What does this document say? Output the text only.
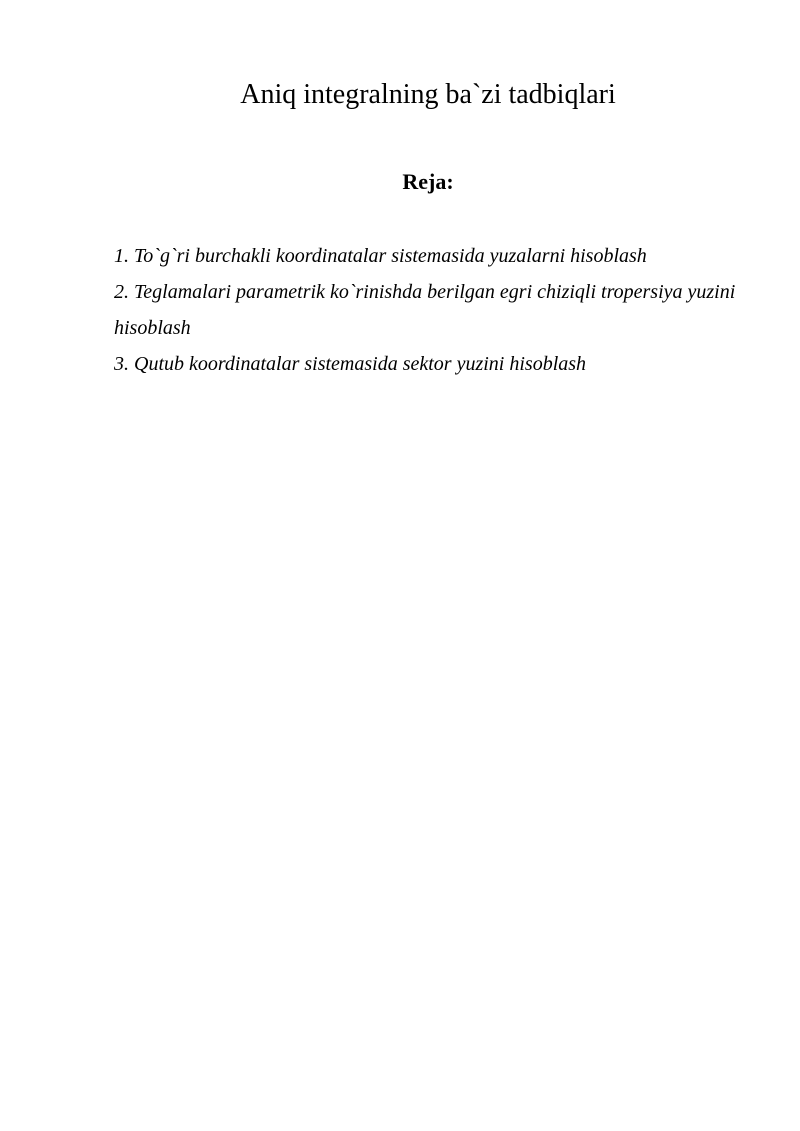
Aniq integralning ba`zi tadbiqlari
Reja:
1. To`g`ri burchakli koordinatalar sistemasida yuzalarni hisoblash
2. Teglamalari parametrik ko`rinishda berilgan egri chiziqli tropersiya yuzini hisoblash
3. Qutub koordinatalar sistemasida sektor yuzini hisoblash
